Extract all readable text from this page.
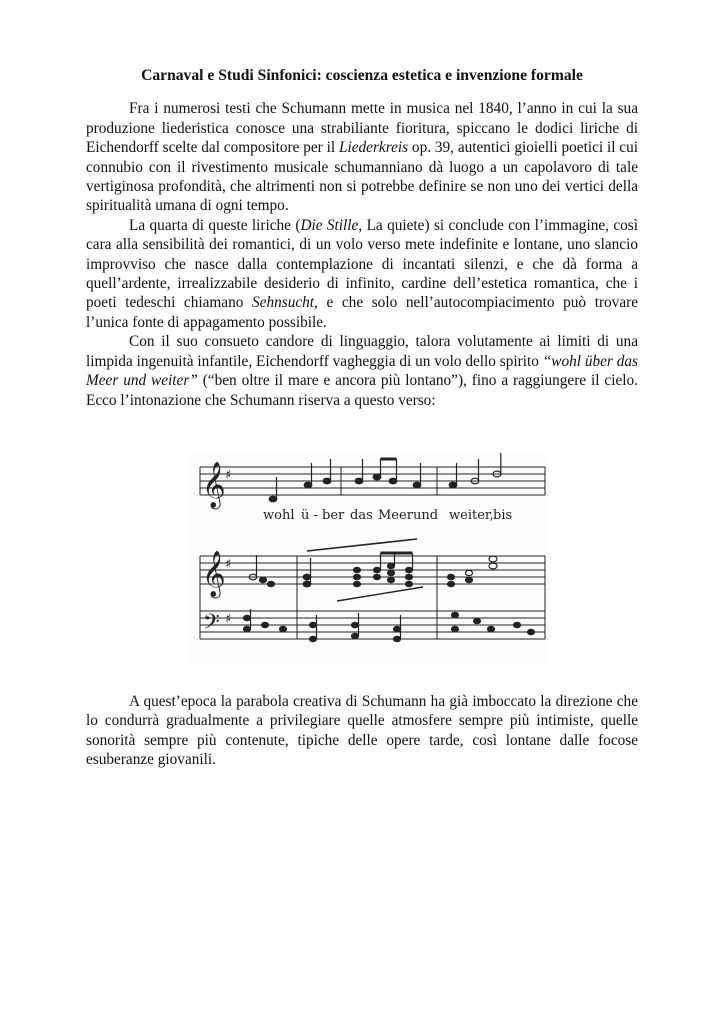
Carnaval e Studi Sinfonici: coscienza estetica e invenzione formale

Fra i numerosi testi che Schumann mette in musica nel 1840, l’anno in cui la sua produzione liederistica conosce una strabiliante fioritura, spiccano le dodici liriche di Eichendorff scelte dal compositore per il Liederkreis op. 39, autentici gioielli poetici il cui connubio con il rivestimento musicale schumanniano dà luogo a un capolavoro di tale vertiginosa profondità, che altrimenti non si potrebbe definire se non uno dei vertici della spiritualità umana di ogni tempo.

La quarta di queste liriche (Die Stille, La quiete) si conclude con l’immagine, così cara alla sensibilità dei romantici, di un volo verso mete indefinite e lontane, uno slancio improvviso che nasce dalla contemplazione di incantati silenzi, e che dà forma a quell’ardente, irrealizzabile desiderio di infinito, cardine dell’estetica romantica, che i poeti tedeschi chiamano Sehnsucht, e che solo nell’autocompiacimento può trovare l’unica fonte di appagamento possibile.

Con il suo consueto candore di linguaggio, talora volutamente ai limiti di una limpida ingenuità infantile, Eichendorff vagheggia di un volo dello spirito “wohl über das Meer und weiter” (“ben oltre il mare e ancora più lontano”), fino a raggiungere il cielo. Ecco l’intonazione che Schumann riserva a questo verso:

𝄞 ♯
wohl ü - ber das Meer und weiter, bis
𝄞 ♯
𝄢 ♯

A quest’epoca la parabola creativa di Schumann ha già imboccato la direzione che lo condurrà gradualmente a privilegiare quelle atmosfere sempre più intimiste, quelle sonorità sempre più contenute, tipiche delle opere tarde, così lontane dalle focose esuberanze giovanili.
